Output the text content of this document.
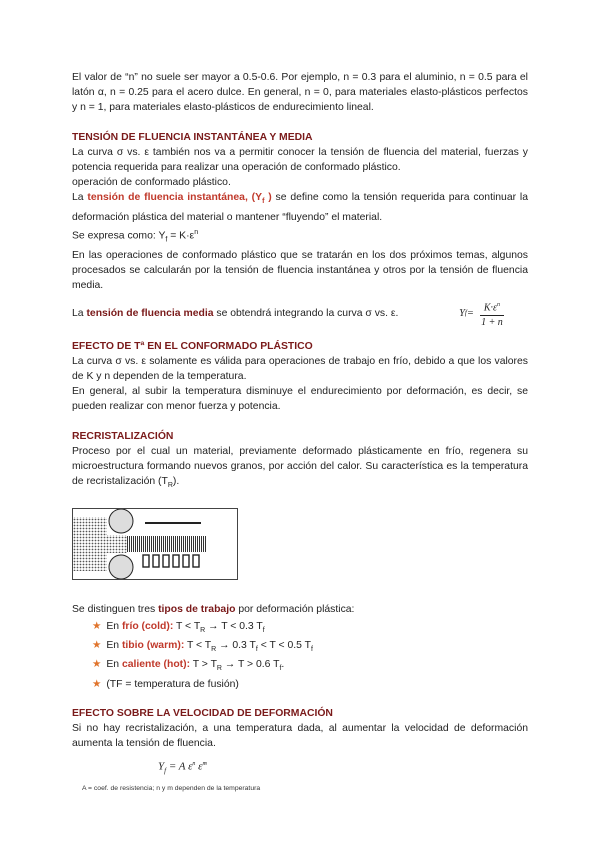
El valor de “n” no suele ser mayor a 0.5-0.6. Por ejemplo, n = 0.3 para el aluminio, n = 0.5 para el latón α, n = 0.25 para el acero dulce. En general, n = 0, para materiales elasto-plásticos perfectos y n = 1, para materiales elasto-plásticos de endurecimiento lineal.

TENSIÓN DE FLUENCIA INSTANTÁNEA Y MEDIA

La curva σ vs. ε también nos va a permitir conocer la tensión de fluencia del material, fuerzas y potencia requerida para realizar una operación de conformado plástico.

operación de conformado plástico.

La tensión de fluencia instantánea, ($Y_f$ ) se define como la tensión requerida para continuar la deformación plástica del material o mantener “fluyendo” el material.

Se expresa como: $Y_f = K\cdot\varepsilon^n$

En las operaciones de conformado plástico que se tratarán en los dos próximos temas, algunos procesados se calcularán por la tensión de fluencia instantánea y otros por la tensión de fluencia media.

La tensión de fluencia media se obtendrá integrando la curva σ vs. ε.	Y $f = \frac{K\cdot\varepsilon^n}{1 + n}$

EFECTO DE Tª EN EL CONFORMADO PLÁSTICO

La curva σ vs. ε solamente es válida para operaciones de trabajo en frío, debido a que los valores de K y n dependen de la temperatura.

En general, al subir la temperatura disminuye el endurecimiento por deformación, es decir, se pueden realizar con menor fuerza y potencia.

RECRISTALIZACIÓN

Proceso por el cual un material, previamente deformado plásticamente en frío, regenera su microestructura formando nuevos granos, por acción del calor. Su característica es la temperatura de recristalización $(T_R)$.

Se distinguen tres tipos de trabajo por deformación plástica:

★ En frío (cold): $T < T_R \to T < 0.3$ $T_f$
★ En tibio (warm): $T < T_R \to 0.3$ $T_f < T < 0.5$ $T_f$
★ En caliente (hot): $T > T_R \to T > 0.6$ $T_f$.
★ (TF = temperatura de fusión)

EFECTO SOBRE LA VELOCIDAD DE DEFORMACIÓN

Si no hay recristalización, a una temperatura dada, al aumentar la velocidad de deformación aumenta la tensión de fluencia.

$Y_f = A$ $\varepsilon^n$ ε̇$^m$
A = coef. de resistencia; n y m dependen de la temperatura
